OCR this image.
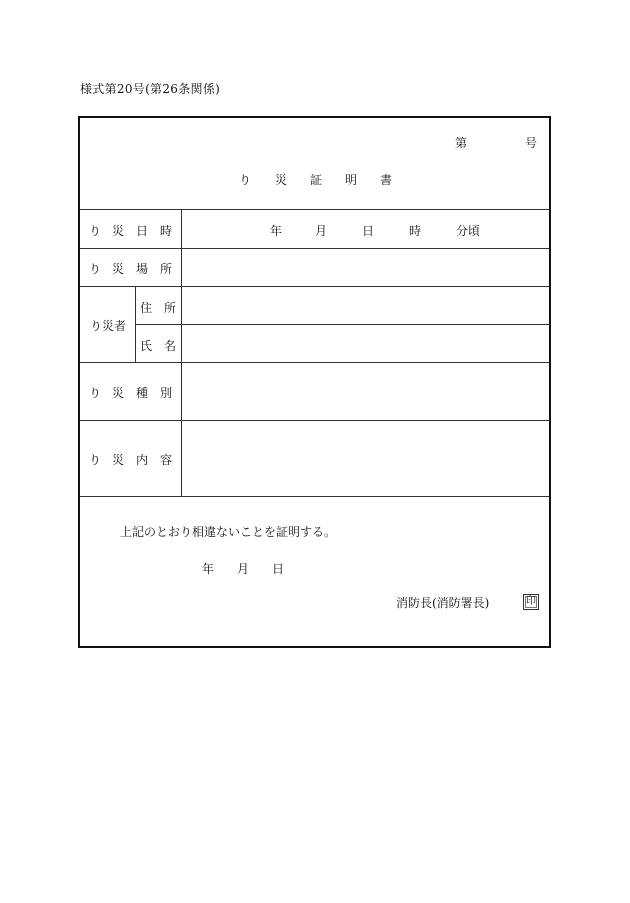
様式第20号(第26条関係)
第	号
り 災 証 明 書
り 災 日 時	年	月	日	時	分頃
り 災 場 所
り災者
住 所
氏 名
り 災 種 別
り 災 内 容
上記のとおり相違ないことを証明する。
年 月 日
消防長(消防署長)	印
